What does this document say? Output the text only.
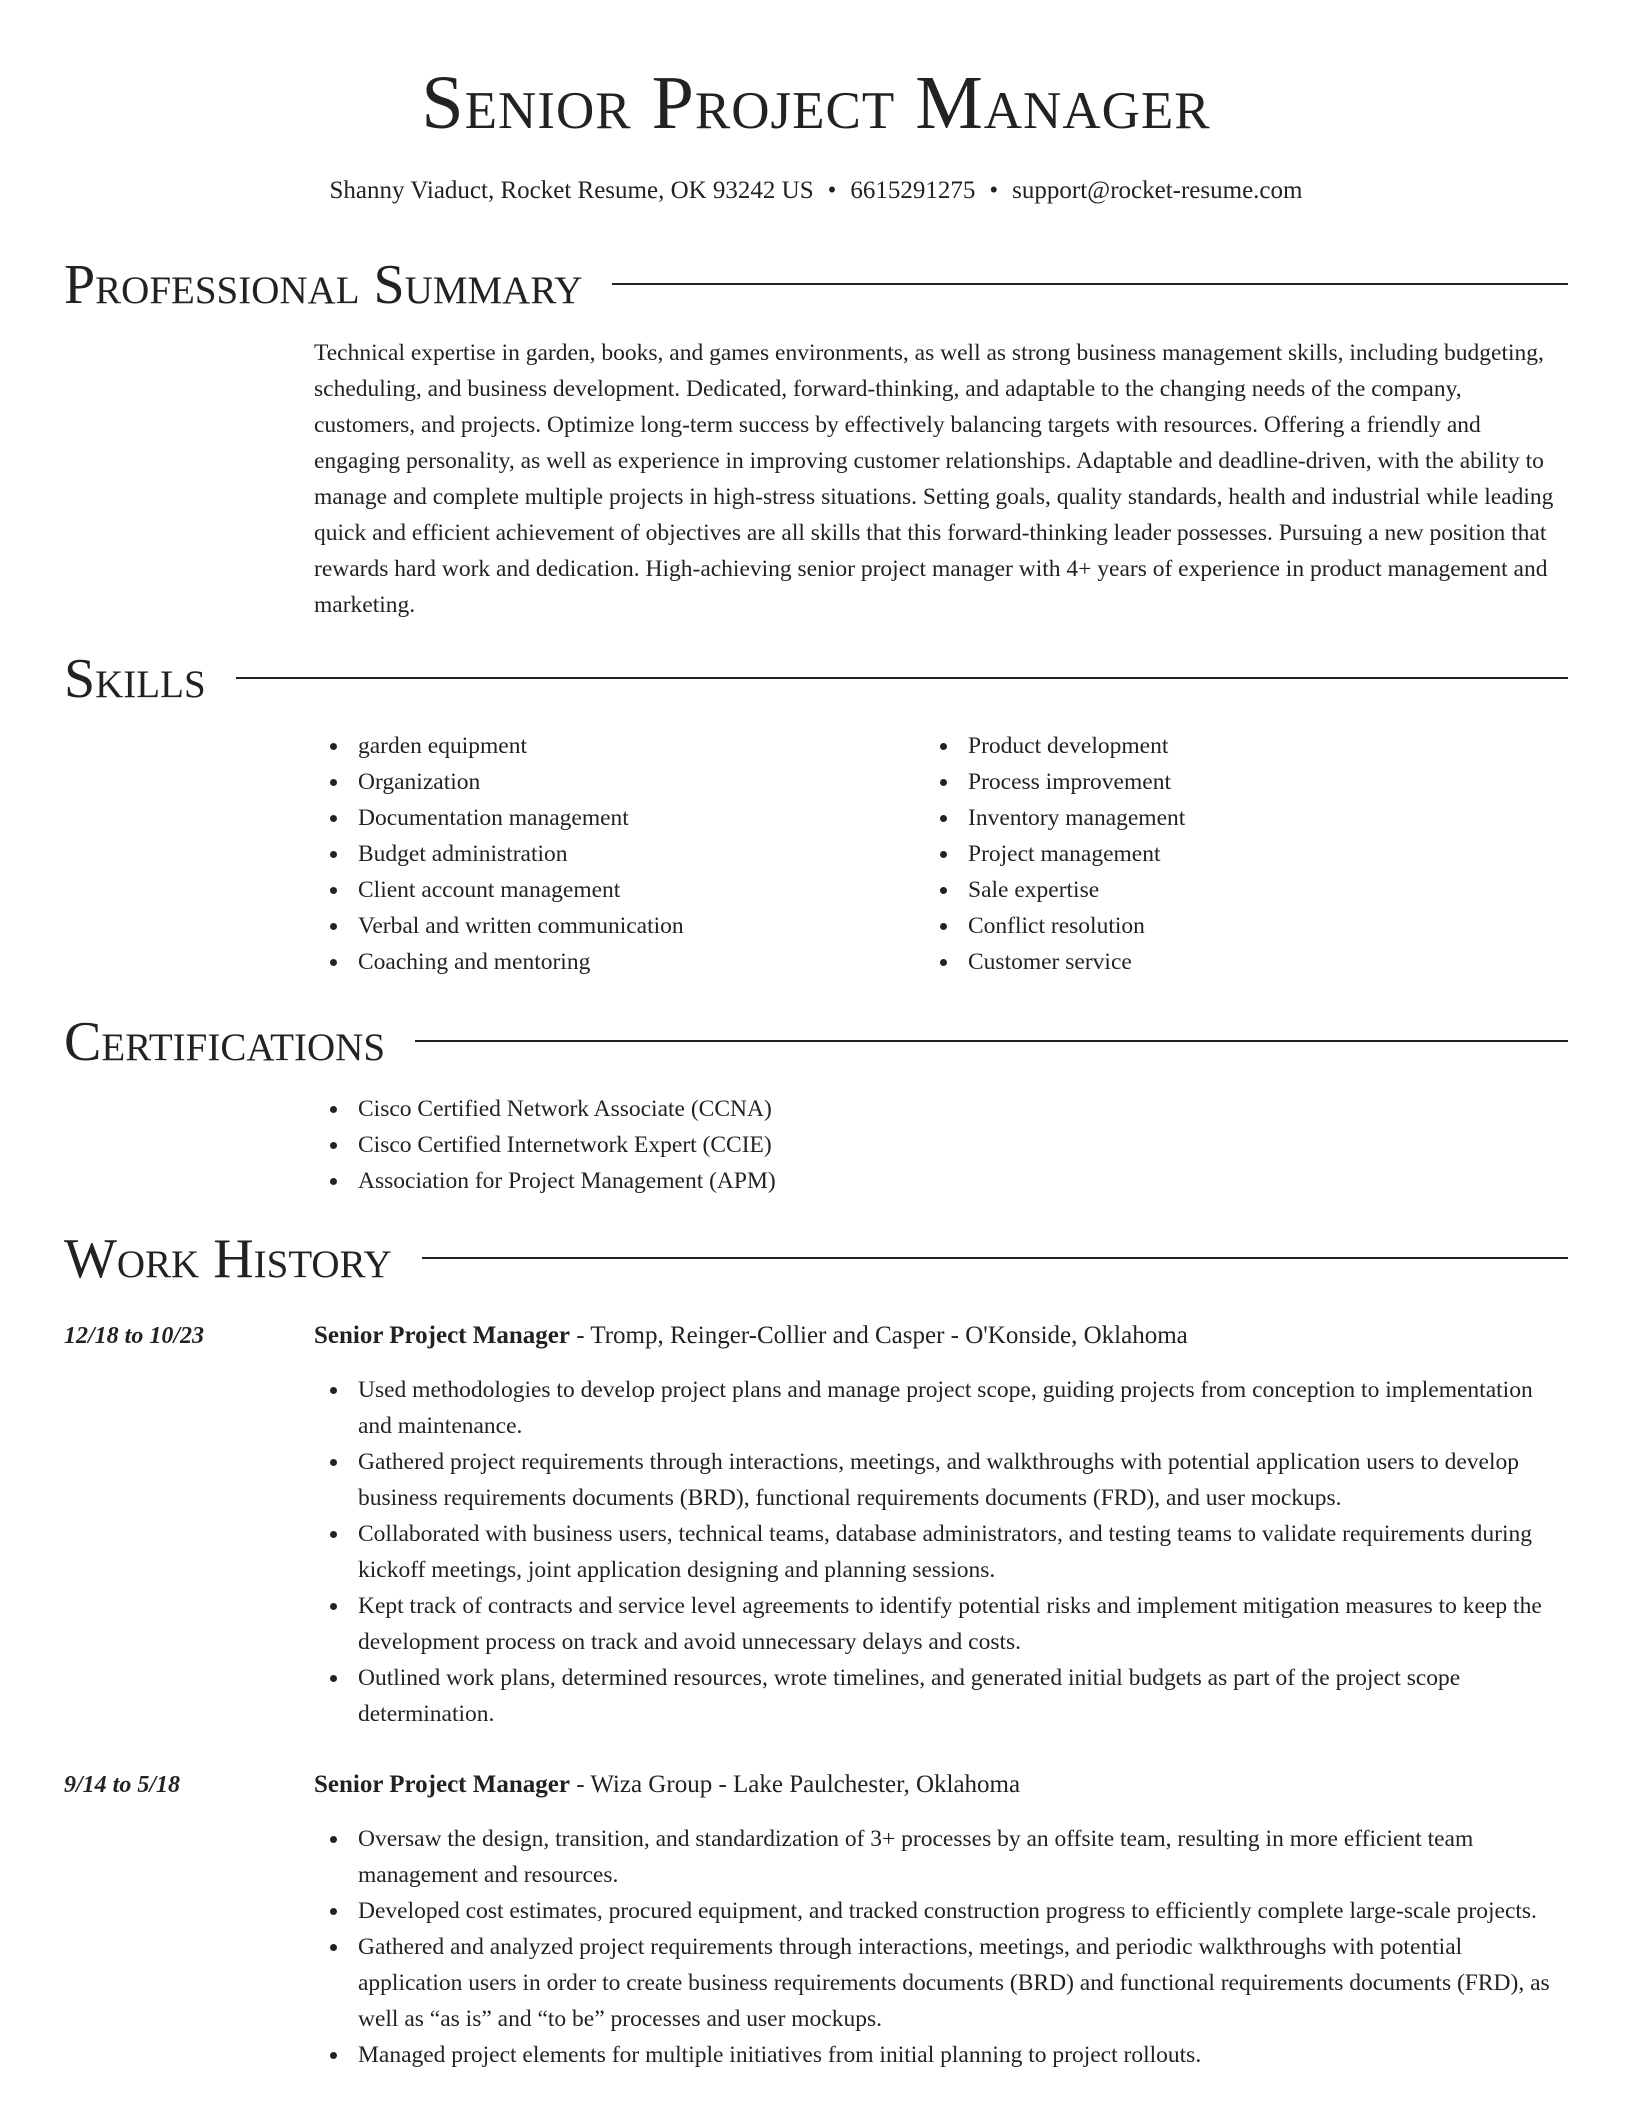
Senior Project Manager
Shanny Viaduct, Rocket Resume, OK 93242 US • 6615291275 • support@rocket-resume.com
Professional Summary

Technical expertise in garden, books, and games environments, as well as strong business management skills, including budgeting, scheduling, and business development. Dedicated, forward-thinking, and adaptable to the changing needs of the company, customers, and projects. Optimize long-term success by effectively balancing targets with resources. Offering a friendly and engaging personality, as well as experience in improving customer relationships. Adaptable and deadline-driven, with the ability to manage and complete multiple projects in high-stress situations. Setting goals, quality standards, health and industrial while leading quick and efficient achievement of objectives are all skills that this forward-thinking leader possesses. Pursuing a new position that rewards hard work and dedication. High-achieving senior project manager with 4+ years of experience in product management and marketing.

Skills
garden equipment
Organization
Documentation management
Budget administration
Client account management
Verbal and written communication
Coaching and mentoring
Product development
Process improvement
Inventory management
Project management
Sale expertise
Conflict resolution
Customer service
Certifications
Cisco Certified Network Associate (CCNA)
Cisco Certified Internetwork Expert (CCIE)
Association for Project Management (APM)
Work History
12/18 to 10/23	Senior Project Manager - Tromp, Reinger-Collier and Casper - O'Konside, Oklahoma
Used methodologies to develop project plans and manage project scope, guiding projects from conception to implementation and maintenance.
Gathered project requirements through interactions, meetings, and walkthroughs with potential application users to develop business requirements documents (BRD), functional requirements documents (FRD), and user mockups.
Collaborated with business users, technical teams, database administrators, and testing teams to validate requirements during kickoff meetings, joint application designing and planning sessions.
Kept track of contracts and service level agreements to identify potential risks and implement mitigation measures to keep the development process on track and avoid unnecessary delays and costs.
Outlined work plans, determined resources, wrote timelines, and generated initial budgets as part of the project scope determination.
9/14 to 5/18	Senior Project Manager - Wiza Group - Lake Paulchester, Oklahoma
Oversaw the design, transition, and standardization of 3+ processes by an offsite team, resulting in more efficient team management and resources.
Developed cost estimates, procured equipment, and tracked construction progress to efficiently complete large-scale projects.
Gathered and analyzed project requirements through interactions, meetings, and periodic walkthroughs with potential application users in order to create business requirements documents (BRD) and functional requirements documents (FRD), as well as “as is” and “to be” processes and user mockups.
Managed project elements for multiple initiatives from initial planning to project rollouts.
